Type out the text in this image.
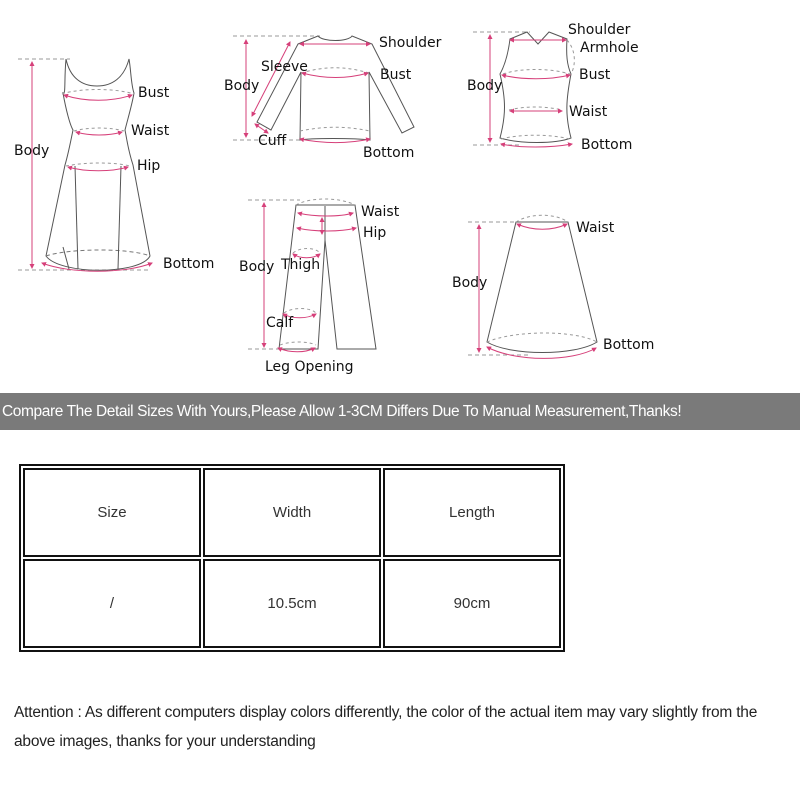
Bust
Waist
Body
Hip
Bottom
Shoulder
Sleeve	Bust
Body
Cuff
Bottom
Shoulder
Armhole
Bust
Body
Waist
Bottom
Waist
Hip
Body Thigh
Calf
Leg Opening
Waist
Body
Bottom
Compare The Detail Sizes With Yours,Please Allow 1-3CM Differs Due To Manual Measurement,Thanks!
Size	Width	Length
/	10.5cm	90cm
Attention : As different computers display colors differently, the color of the actual item may vary slightly from the above images, thanks for your understanding
